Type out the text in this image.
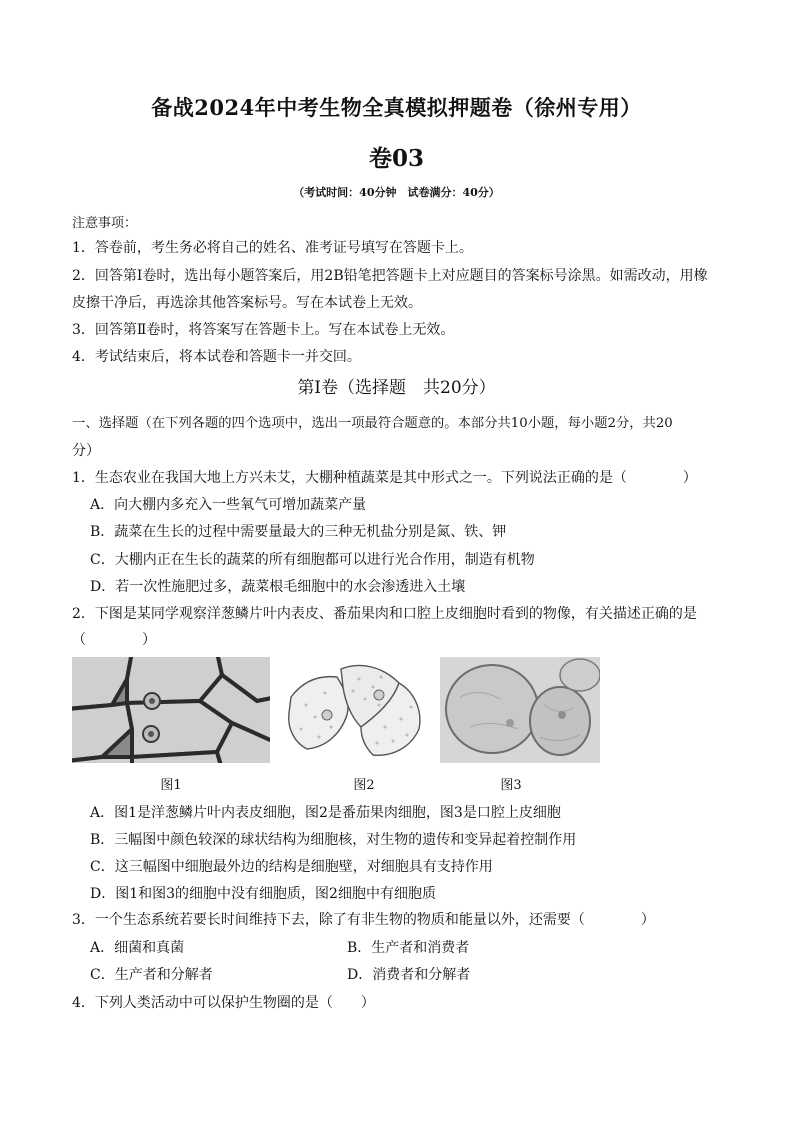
备战2024年中考生物全真模拟押题卷（徐州专用）
卷03
（考试时间：40分钟　试卷满分：40分）
注意事项：
1．答卷前，考生务必将自己的姓名、准考证号填写在答题卡上。
2．回答第Ⅰ卷时，选出每小题答案后，用2B铅笔把答题卡上对应题目的答案标号涂黑。如需改动，用橡
皮擦干净后，再选涂其他答案标号。写在本试卷上无效。
3．回答第Ⅱ卷时，将答案写在答题卡上。写在本试卷上无效。
4．考试结束后，将本试卷和答题卡一并交回。
第Ⅰ卷（选择题　共20分）
一、选择题（在下列各题的四个选项中，选出一项最符合题意的。本部分共10小题，每小题2分，共20
分）
1．生态农业在我国大地上方兴未艾，大棚种植蔬菜是其中形式之一。下列说法正确的是（　　　　）
A．向大棚内多充入一些氧气可增加蔬菜产量
B．蔬菜在生长的过程中需要量最大的三种无机盐分别是氮、铁、钾
C．大棚内正在生长的蔬菜的所有细胞都可以进行光合作用，制造有机物
D．若一次性施肥过多，蔬菜根毛细胞中的水会渗透进入土壤
2．下图是某同学观察洋葱鳞片叶内表皮、番茄果肉和口腔上皮细胞时看到的物像，有关描述正确的是
（　　　　）
图1	图2	图3
A．图1是洋葱鳞片叶内表皮细胞，图2是番茄果肉细胞，图3是口腔上皮细胞
B．三幅图中颜色较深的球状结构为细胞核，对生物的遗传和变异起着控制作用
C．这三幅图中细胞最外边的结构是细胞壁，对细胞具有支持作用
D．图1和图3的细胞中没有细胞质，图2细胞中有细胞质
3．一个生态系统若要长时间维持下去，除了有非生物的物质和能量以外，还需要（　　　　）
A．细菌和真菌	B．生产者和消费者
C．生产者和分解者	D．消费者和分解者
4．下列人类活动中可以保护生物圈的是（　　）
